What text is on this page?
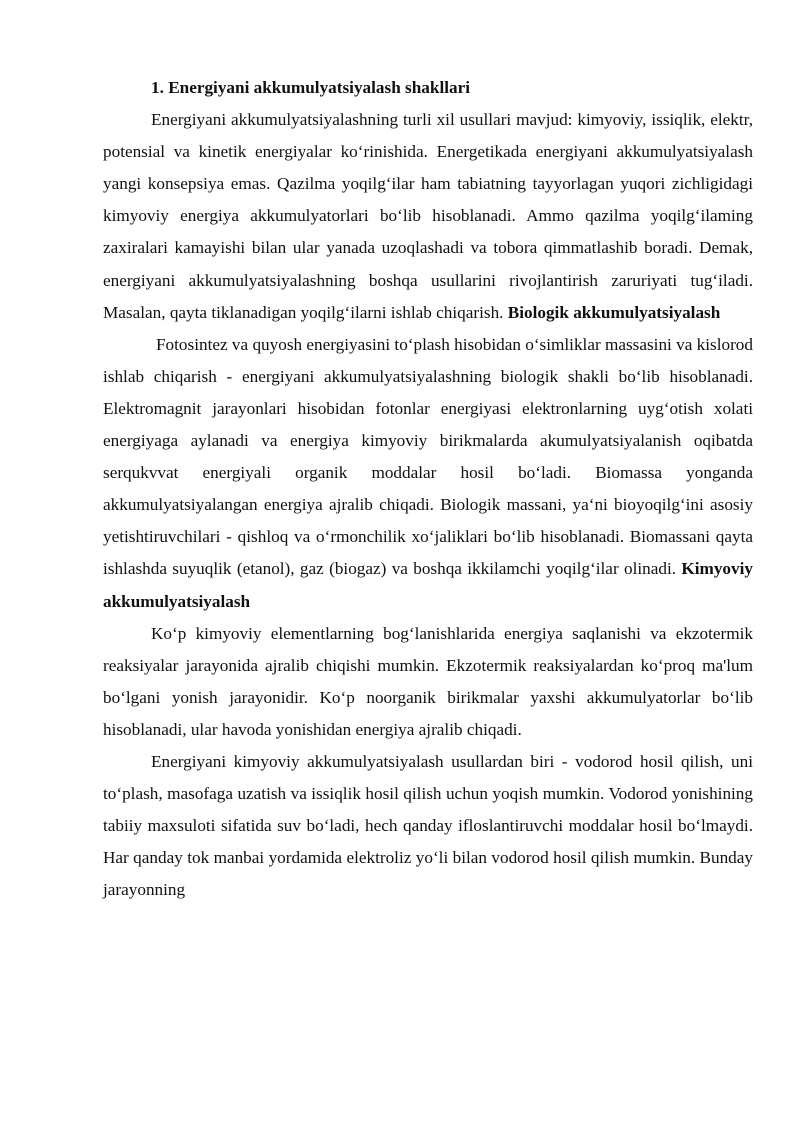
1. Energiyani akkumulyatsiyalash shakllari

Energiyani akkumulyatsiyalashning turli xil usullari mavjud: kimyoviy, issiqlik, elektr, potensial va kinetik energiyalar ko‘rinishida. Energetikada energiyani akkumulyatsiyalash yangi konsepsiya emas. Qazilma yoqilg‘ilar ham tabiatning tayyorlagan yuqori zichligidagi kimyoviy energiya akkumulyatorlari bo‘lib hisoblanadi. Ammo qazilma yoqilg‘ilaming zaxiralari kamayishi bilan ular yanada uzoqlashadi va tobora qimmatlashib boradi. Demak, energiyani akkumulyatsiyalashning boshqa usullarini rivojlantirish zaruriyati tug‘iladi. Masalan, qayta tiklanadigan yoqilg‘ilarni ishlab chiqarish. Biologik akkumulyatsiyalash

Fotosintez va quyosh energiyasini to‘plash hisobidan o‘simliklar massasini va kislorod ishlab chiqarish - energiyani akkumulyatsiyalashning biologik shakli bo‘lib hisoblanadi. Elektromagnit jarayonlari hisobidan fotonlar energiyasi elektronlarning uyg‘otish xolati energiyaga aylanadi va energiya kimyoviy birikmalarda akumulyatsiyalanish oqibatda serqukvvat energiyali organik moddalar hosil bo‘ladi. Biomassa yonganda akkumulyatsiyalangan energiya ajralib chiqadi. Biologik massani, ya‘ni bioyoqilg‘ini asosiy yetishtiruvchilari - qishloq va o‘rmonchilik xo‘jaliklari bo‘lib hisoblanadi. Biomassani qayta ishlashda suyuqlik (etanol), gaz (biogaz) va boshqa ikkilamchi yoqilg‘ilar olinadi. Kimyoviy akkumulyatsiyalash

Ko‘p kimyoviy elementlarning bog‘lanishlarida energiya saqlanishi va ekzotermik reaksiyalar jarayonida ajralib chiqishi mumkin. Ekzotermik reaksiyalardan ko‘proq ma'lum bo‘lgani yonish jarayonidir. Ko‘p noorganik birikmalar yaxshi akkumulyatorlar bo‘lib hisoblanadi, ular havoda yonishidan energiya ajralib chiqadi.

Energiyani kimyoviy akkumulyatsiyalash usullardan biri - vodorod hosil qilish, uni to‘plash, masofaga uzatish va issiqlik hosil qilish uchun yoqish mumkin. Vodorod yonishining tabiiy maxsuloti sifatida suv bo‘ladi, hech qanday ifloslantiruvchi moddalar hosil bo‘lmaydi. Har qanday tok manbai yordamida elektroliz yo‘li bilan vodorod hosil qilish mumkin. Bunday jarayonning
